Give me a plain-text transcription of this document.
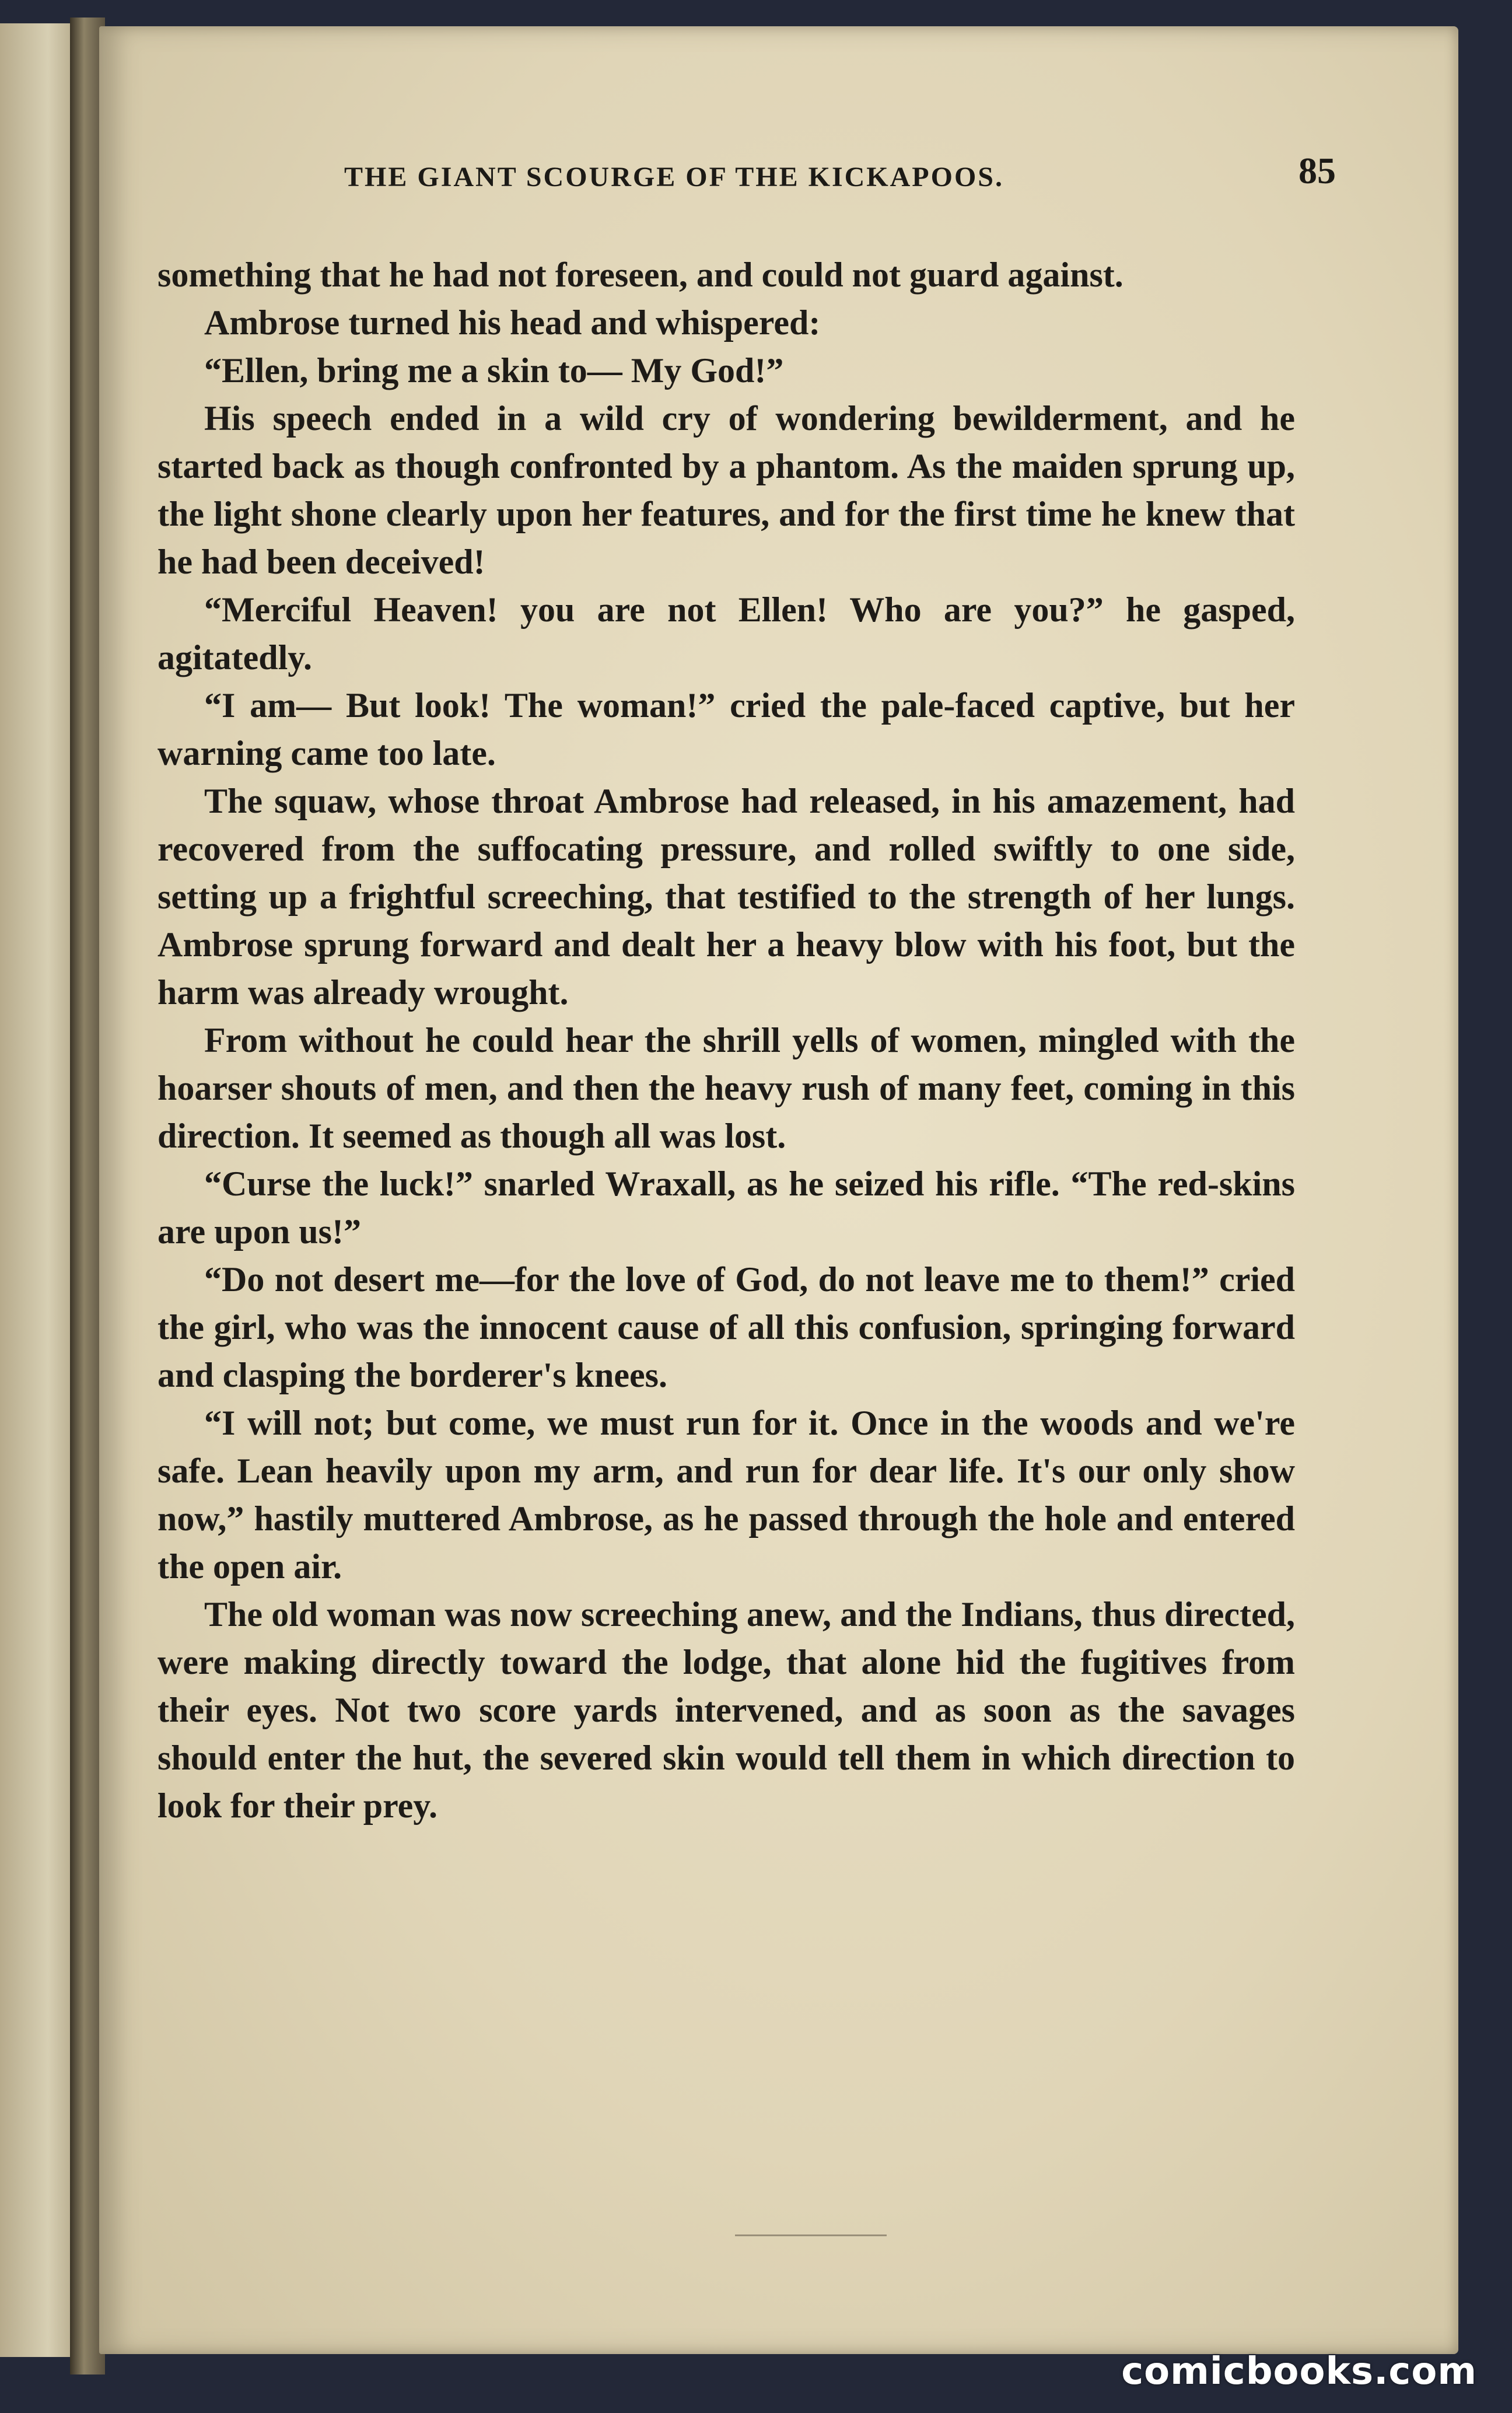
THE GIANT SCOURGE OF THE KICKAPOOS.	85

something that he had not foreseen, and could not guard against.

Ambrose turned his head and whispered:

“Ellen, bring me a skin to— My God!”

His speech ended in a wild cry of wondering bewilderment, and he started back as though confronted by a phantom. As the maiden sprung up, the light shone clearly upon her features, and for the first time he knew that he had been deceived!

“Merciful Heaven! you are not Ellen! Who are you?” he gasped, agitatedly.

“I am— But look! The woman!” cried the pale-faced captive, but her warning came too late.

The squaw, whose throat Ambrose had released, in his amazement, had recovered from the suffocating pressure, and rolled swiftly to one side, setting up a frightful screeching, that testified to the strength of her lungs. Ambrose sprung forward and dealt her a heavy blow with his foot, but the harm was already wrought.

From without he could hear the shrill yells of women, mingled with the hoarser shouts of men, and then the heavy rush of many feet, coming in this direction. It seemed as though all was lost.

“Curse the luck!” snarled Wraxall, as he seized his rifle. “The red-skins are upon us!”

“Do not desert me—for the love of God, do not leave me to them!” cried the girl, who was the innocent cause of all this confusion, springing forward and clasping the borderer's knees.

“I will not; but come, we must run for it. Once in the woods and we're safe. Lean heavily upon my arm, and run for dear life. It's our only show now,” hastily muttered Ambrose, as he passed through the hole and entered the open air.

The old woman was now screeching anew, and the Indians, thus directed, were making directly toward the lodge, that alone hid the fugitives from their eyes. Not two score yards intervened, and as soon as the savages should enter the hut, the severed skin would tell them in which direction to look for their prey.

comicbooks.com
